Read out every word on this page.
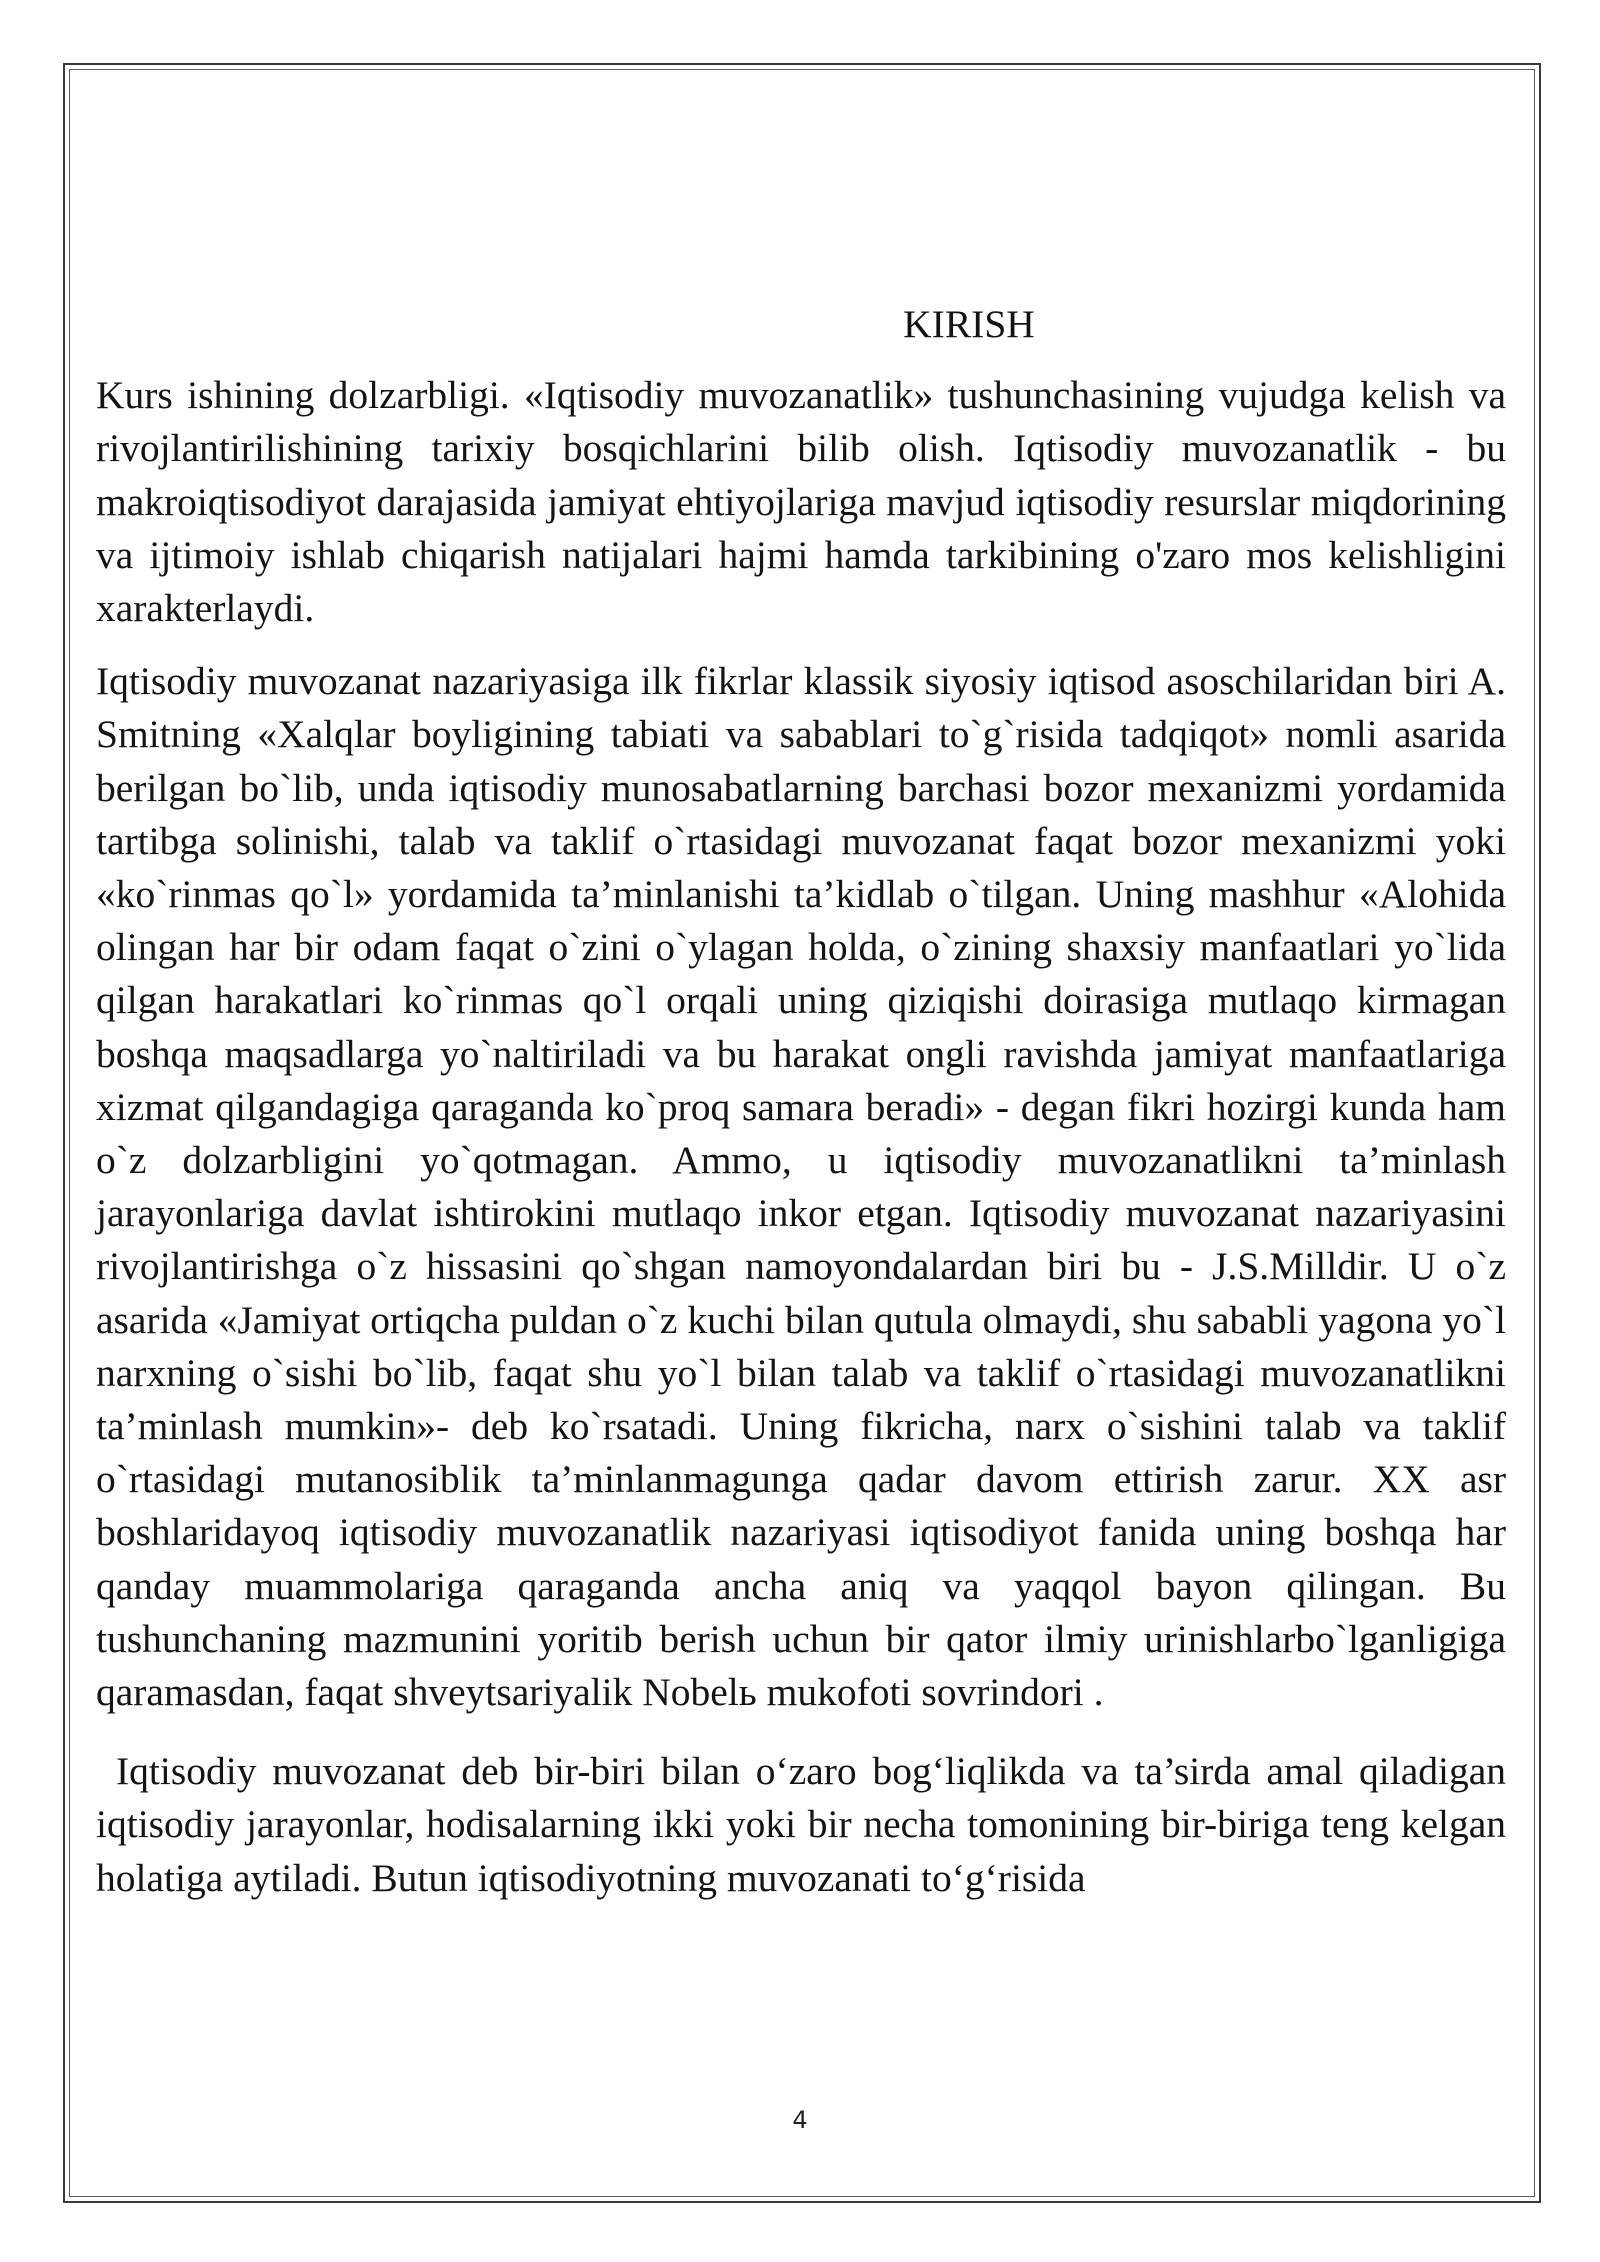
KIRISH

Kurs ishining dolzarbligi. «Iqtisodiy muvozanatlik» tushunchasining vujudga kelish va rivojlantirilishining tarixiy bosqichlarini bilib olish. Iqtisodiy muvozanatlik - bu makroiqtisodiyot darajasida jamiyat ehtiyojlariga mavjud iqtisodiy resurslar miqdorining va ijtimoiy ishlab chiqarish natijalari hajmi hamda tarkibining o'zaro mos kelishligini xarakterlaydi.

Iqtisodiy muvozanat nazariyasiga ilk fikrlar klassik siyosiy iqtisod asoschilaridan biri A. Smitning «Xalqlar boyligining tabiati va sabablari to`g`risida tadqiqot» nomli asarida berilgan bo`lib, unda iqtisodiy munosabatlarning barchasi bozor mexanizmi yordamida tartibga solinishi, talab va taklif o`rtasidagi muvozanat faqat bozor mexanizmi yoki «ko`rinmas qo`l» yordamida ta’minlanishi ta’kidlab o`tilgan. Uning mashhur «Alohida olingan har bir odam faqat o`zini o`ylagan holda, o`zining shaxsiy manfaatlari yo`lida qilgan harakatlari ko`rinmas qo`l orqali uning qiziqishi doirasiga mutlaqo kirmagan boshqa maqsadlarga yo`naltiriladi va bu harakat ongli ravishda jamiyat manfaatlariga xizmat qilgandagiga qaraganda ko`proq samara beradi» - degan fikri hozirgi kunda ham o`z dolzarbligini yo`qotmagan. Ammo, u iqtisodiy muvozanatlikni ta’minlash jarayonlariga davlat ishtirokini mutlaqo inkor etgan. Iqtisodiy muvozanat nazariyasini rivojlantirishga o`z hissasini qo`shgan namoyondalardan biri bu - J.S.Milldir. U o`z asarida «Jamiyat ortiqcha puldan o`z kuchi bilan qutula olmaydi, shu sababli yagona yo`l narxning o`sishi bo`lib, faqat shu yo`l bilan talab va taklif o`rtasidagi muvozanatlikni ta’minlash mumkin»- deb ko`rsatadi. Uning fikricha, narx o`sishini talab va taklif o`rtasidagi mutanosiblik ta’minlanmagunga qadar davom ettirish zarur. XX asr boshlaridayoq iqtisodiy muvozanatlik nazariyasi iqtisodiyot fanida uning boshqa har qanday muammolariga qaraganda ancha aniq va yaqqol bayon qilingan. Bu tushunchaning mazmunini yoritib berish uchun bir qator ilmiy urinishlarbo`lganligiga qaramasdan, faqat shveytsariyalik Nobelь mukofoti sovrindori .

Iqtisodiy muvozanat deb bir-biri bilan o‘zaro bog‘liqlikda va ta’sirda amal qiladigan iqtisodiy jarayonlar, hodisalarning ikki yoki bir necha tomonining bir-biriga teng kelgan holatiga aytiladi. Butun iqtisodiyotning muvozanati to‘g‘risida

4
